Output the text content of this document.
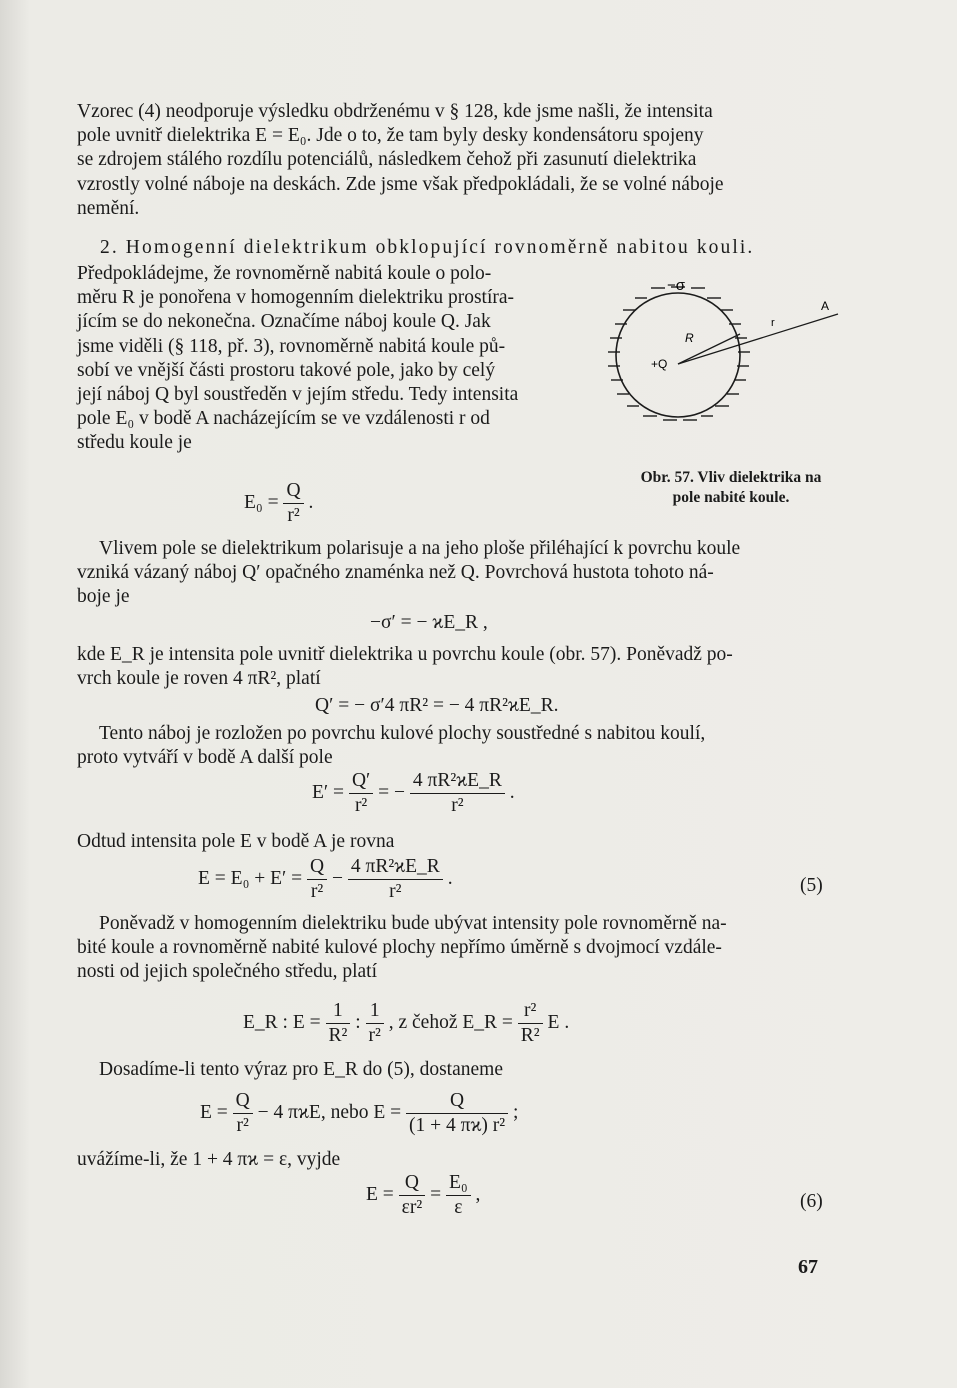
Vzorec (4) neodporuje výsledku obdrženému v § 128, kde jsme našli, že intensita
pole uvnitř dielektrika E = E₀. Jde o to, že tam byly desky kondensátoru spojeny
se zdrojem stálého rozdílu potenciálů, následkem čehož při zasunutí dielektrika
vzrostly volné náboje na deskách. Zde jsme však předpokládali, že se volné náboje
nemění.
2. Homogenní dielektrikum obklopující rovnoměrně nabitou kouli.
Předpokládejme, že rovnoměrně nabitá koule o polo-
měru R je ponořena v homogenním dielektriku prostíra-
jícím se do nekonečna. Označíme náboj koule Q. Jak
jsme viděli (§ 118, př. 3), rovnoměrně nabitá koule pů-
sobí ve vnější části prostoru takové pole, jako by celý
její náboj Q byl soustředěn v jejím středu. Tedy intensita
pole E₀ v bodě A nacházejícím se ve vzdálenosti r od
středu koule je
$E_0 = \frac{Q}{\text{r²}}$ .
−σ
A
r
R
+Q
Obr. 57. Vliv dielektrika na
pole nabité koule.
Vlivem pole se dielektrikum polarisuje a na jeho ploše přiléhající k povrchu koule
vzniká vázaný náboj Q′ opačného znaménka než Q. Povrchová hustota tohoto ná-
boje je
−σ′ = − ϰE_R ,
kde E_R je intensita pole uvnitř dielektrika u povrchu koule (obr. 57). Poněvadž po-
vrch koule je roven 4 πR², platí
Q′ = − σ′4 πR² = − 4 πR²ϰE_R.
Tento náboj je rozložen po povrchu kulové plochy soustředné s nabitou koulí,
proto vytváří v bodě A další pole
$E' = \frac{Q'}{\text{r²}}$ = − $\frac{\text{4 πR²ϰE\_R}}{\text{r²}}$ .
Odtud intensita pole E v bodě A je rovna
$E = E_0 + E' = \frac{Q}{\text{r²}} - \frac{\text{4 πR²ϰE\_R}}{\text{r²}}$ .	(5)
Poněvadž v homogenním dielektriku bude ubývat intensity pole rovnoměrně na-
bité koule a rovnoměrně nabité kulové plochy nepřímo úměrně s dvojmocí vzdále-
nosti od jejich společného středu, platí
E_R : $E = \frac{1}{\text{R²}}$ : $\frac{1}{\text{r²}}$ , z čehož E_R = $\frac{\text{r²}}{\text{R²}}$ E .
Dosadíme-li tento výraz pro E_R do (5), dostaneme
$E = \frac{Q}{\text{r²}} - 4$ πϰE, nebo $E = \frac{Q}{\text{(1 + 4 πϰ) r²}}$ ;
uvážíme-li, že 1 + 4 πϰ = ε, vyjde
$E = \frac{Q}{\text{εr²}} = \frac{\text{E₀}}{\varepsilon}$ ,	(6)
67
